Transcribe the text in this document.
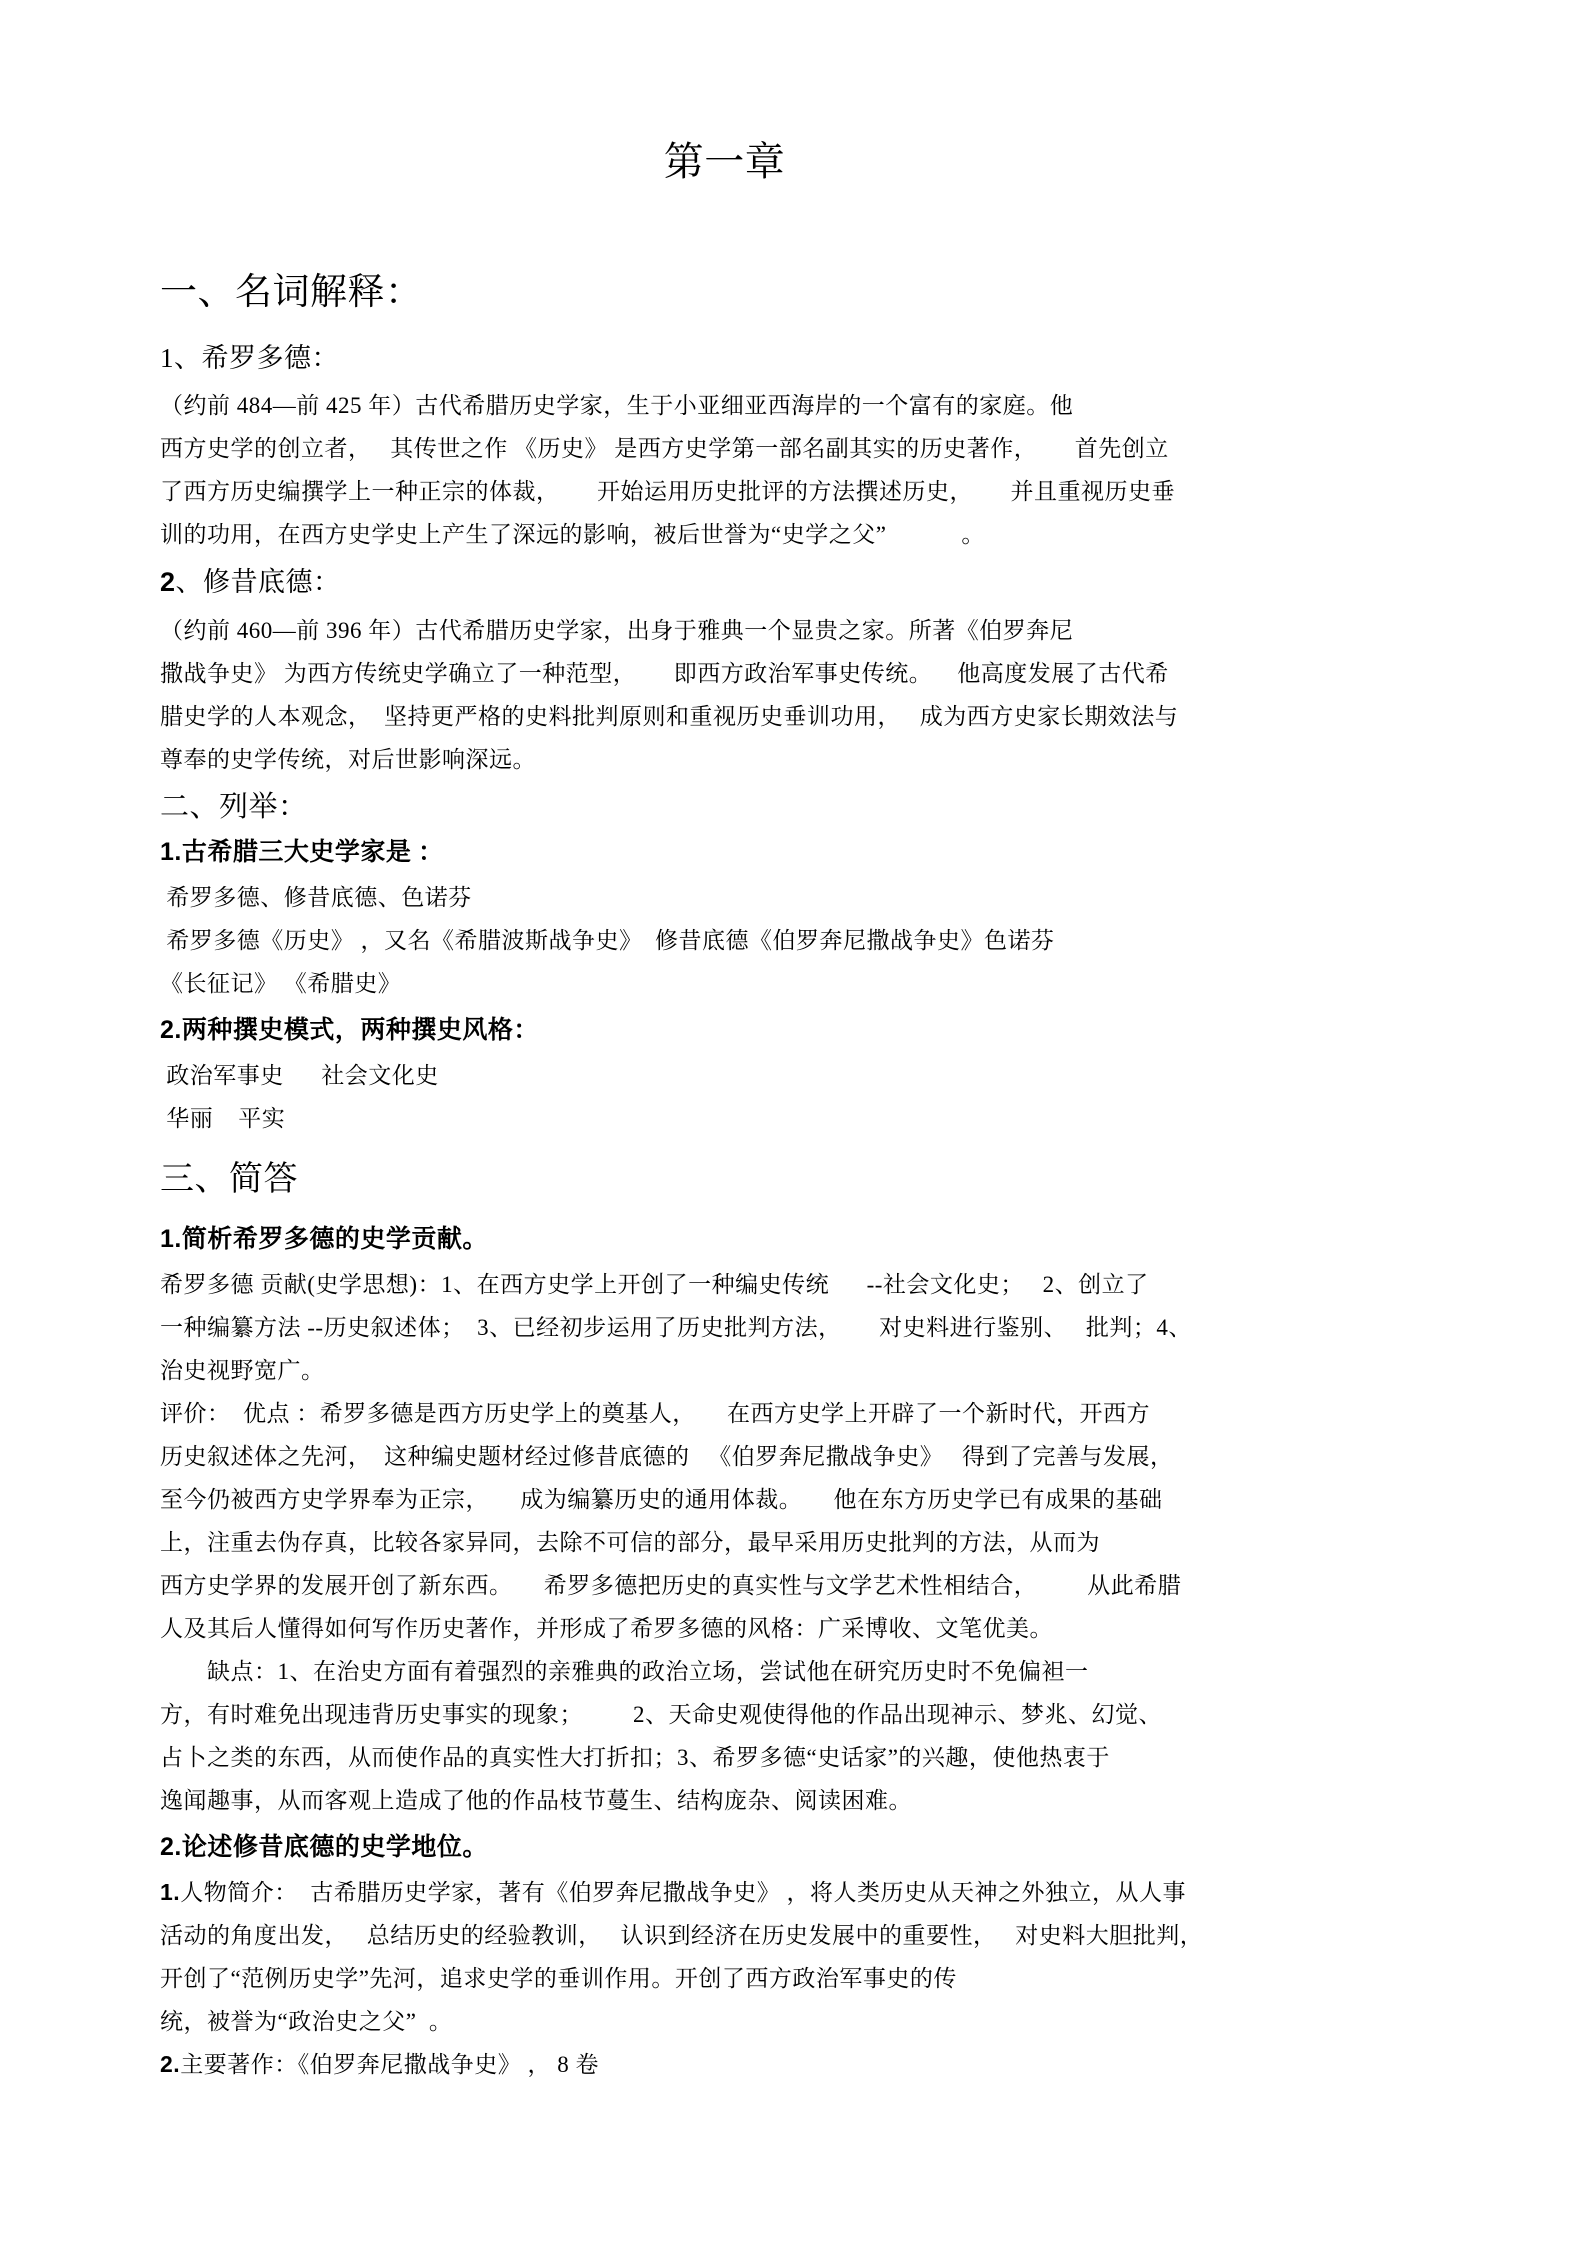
第一章
一、名词解释：
1、希罗多德：
（约前 484—前 425 年）古代希腊历史学家，生于小亚细亚西海岸的一个富有的家庭。他
西方史学的创立者，   其传世之作 《历史》 是西方史学第一部名副其实的历史著作，      首先创立
了西方历史编撰学上一种正宗的体裁，      开始运用历史批评的方法撰述历史，      并且重视历史垂
训的功用，在西方史学史上产生了深远的影响，被后世誉为“史学之父”            。
2、修昔底德：
（约前 460—前 396 年）古代希腊历史学家，出身于雅典一个显贵之家。所著《伯罗奔尼
撒战争史》 为西方传统史学确立了一种范型，      即西方政治军事史传统。    他高度发展了古代希
腊史学的人本观念，  坚持更严格的史料批判原则和重视历史垂训功用，   成为西方史家长期效法与
尊奉的史学传统，对后世影响深远。
二、列举：
1.古希腊三大史学家是 ：
希罗多德、修昔底德、色诺芬
希罗多德《历史》 ，又名《希腊波斯战争史》  修昔底德《伯罗奔尼撒战争史》色诺芬
《长征记》 《希腊史》
2.两种撰史模式，两种撰史风格：
政治军事史      社会文化史
华丽    平实
三、简答
1.简析希罗多德的史学贡献。
希罗多德 贡献(史学思想)：1、在西方史学上开创了一种编史传统      --社会文化史；   2、创立了
一种编纂方法 --历史叙述体；  3、已经初步运用了历史批判方法，      对史料进行鉴别、   批判；4、
治史视野宽广。
评价：  优点 ：希罗多德是西方历史学上的奠基人，     在西方史学上开辟了一个新时代，开西方
历史叙述体之先河，  这种编史题材经过修昔底德的   《伯罗奔尼撒战争史》   得到了完善与发展，
至今仍被西方史学界奉为正宗，     成为编纂历史的通用体裁。     他在东方历史学已有成果的基础
上，注重去伪存真，比较各家异同，去除不可信的部分，最早采用历史批判的方法，从而为
西方史学界的发展开创了新东西。     希罗多德把历史的真实性与文学艺术性相结合，        从此希腊
人及其后人懂得如何写作历史著作，并形成了希罗多德的风格：广采博收、文笔优美。
　　缺点：1、在治史方面有着强烈的亲雅典的政治立场，尝试他在研究历史时不免偏袒一
方，有时难免出现违背历史事实的现象；        2、天命史观使得他的作品出现神示、梦兆、幻觉、
占卜之类的东西，从而使作品的真实性大打折扣；3、希罗多德“史话家”的兴趣，使他热衷于
逸闻趣事，从而客观上造成了他的作品枝节蔓生、结构庞杂、阅读困难。
2.论述修昔底德的史学地位。
1.人物简介：  古希腊历史学家，著有《伯罗奔尼撒战争史》 ，将人类历史从天神之外独立，从人事
活动的角度出发，   总结历史的经验教训，   认识到经济在历史发展中的重要性，   对史料大胆批判，
开创了“范例历史学”先河，追求史学的垂训作用。开创了西方政治军事史的传
统，被誉为“政治史之父”  。
2.主要著作：《伯罗奔尼撒战争史》 ， 8 卷
